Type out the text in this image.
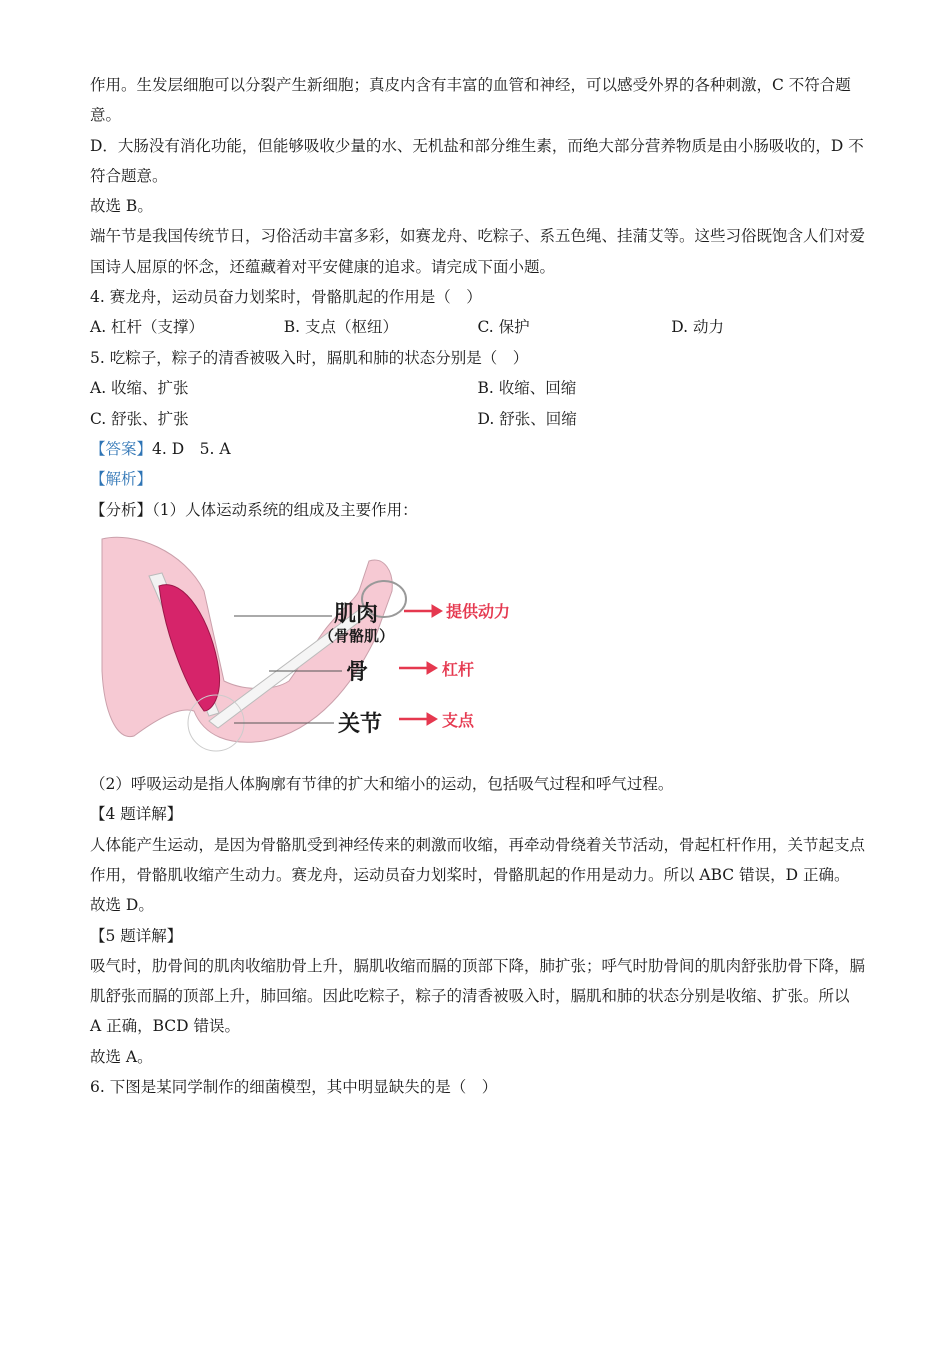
作用。生发层细胞可以分裂产生新细胞；真皮内含有丰富的血管和神经，可以感受外界的各种刺激，C 不符合题意。

D．大肠没有消化功能，但能够吸收少量的水、无机盐和部分维生素，而绝大部分营养物质是由小肠吸收的，D 不符合题意。

故选 B。

端午节是我国传统节日，习俗活动丰富多彩，如赛龙舟、吃粽子、系五色绳、挂蒲艾等。这些习俗既饱含人们对爱国诗人屈原的怀念，还蕴藏着对平安健康的追求。请完成下面小题。

4. 赛龙舟，运动员奋力划桨时，骨骼肌起的作用是（　）

A. 杠杆（支撑）	B. 支点（枢纽）	C. 保护	D. 动力

5. 吃粽子，粽子的清香被吸入时，膈肌和肺的状态分别是（　）

A. 收缩、扩张	B. 收缩、回缩
C. 舒张、扩张	D. 舒张、回缩

【答案】4. D　5. A

【解析】

【分析】（1）人体运动系统的组成及主要作用：

肌肉
（骨骼肌）
提供动力
骨	杠杆
关节	支点

（2）呼吸运动是指人体胸廓有节律的扩大和缩小的运动，包括吸气过程和呼气过程。

【4 题详解】

人体能产生运动，是因为骨骼肌受到神经传来的刺激而收缩，再牵动骨绕着关节活动，骨起杠杆作用，关节起支点作用，骨骼肌收缩产生动力。赛龙舟，运动员奋力划桨时，骨骼肌起的作用是动力。所以 ABC 错误，D 正确。

故选 D。

【5 题详解】

吸气时，肋骨间的肌肉收缩肋骨上升，膈肌收缩而膈的顶部下降，肺扩张；呼气时肋骨间的肌肉舒张肋骨下降，膈肌舒张而膈的顶部上升，肺回缩。因此吃粽子，粽子的清香被吸入时，膈肌和肺的状态分别是收缩、扩张。所以 A 正确，BCD 错误。

故选 A。

6. 下图是某同学制作的细菌模型，其中明显缺失的是（　）
